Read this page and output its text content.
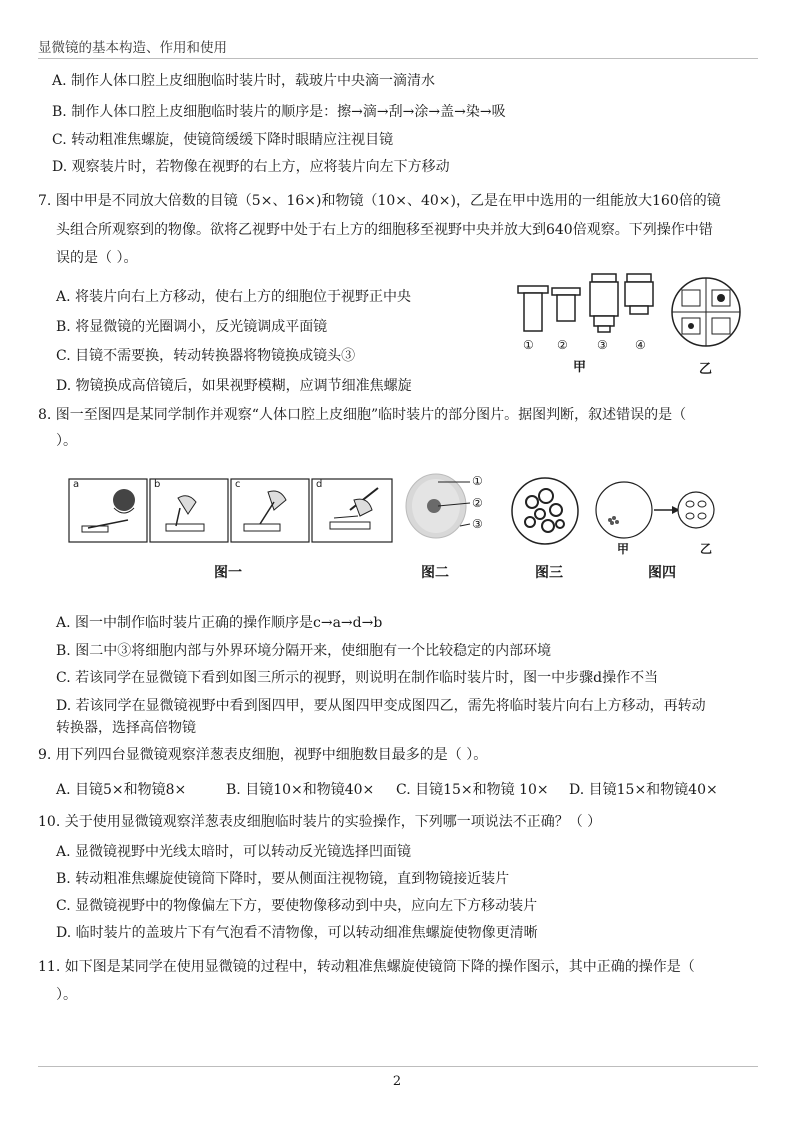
显微镜的基本构造、作用和使用
A. 制作人体口腔上皮细胞临时装片时，载玻片中央滴一滴清水
B. 制作人体口腔上皮细胞临时装片的顺序是：擦→滴→刮→涂→盖→染→吸
C. 转动粗准焦螺旋，使镜筒缓缓下降时眼睛应注视目镜
D. 观察装片时，若物像在视野的右上方，应将装片向左下方移动
7. 图中甲是不同放大倍数的目镜（5×、16×)和物镜（10×、40×)，乙是在甲中选用的一组能放大160倍的镜
头组合所观察到的物像。欲将乙视野中处于右上方的细胞移至视野中央并放大到640倍观察。下列操作中错
误的是（ ）。
A. 将装片向右上方移动，使右上方的细胞位于视野正中央
B. 将显微镜的光圈调小，反光镜调成平面镜
C. 目镜不需要换，转动转换器将物镜换成镜头③
D. 物镜换成高倍镜后，如果视野模糊，应调节细准焦螺旋
① ② ③ ④
甲	乙
8. 图一至图四是某同学制作并观察“人体口腔上皮细胞”临时装片的部分图片。据图判断，叙述错误的是（
）。
a	b	c	d	①
②
③
甲	乙
图一	图二	图三	图四
A. 图一中制作临时装片正确的操作顺序是c→a→d→b
B. 图二中③将细胞内部与外界环境分隔开来，使细胞有一个比较稳定的内部环境
C. 若该同学在显微镜下看到如图三所示的视野，则说明在制作临时装片时，图一中步骤d操作不当
D. 若该同学在显微镜视野中看到图四甲，要从图四甲变成图四乙，需先将临时装片向右上方移动，再转动
转换器，选择高倍物镜
9. 用下列四台显微镜观察洋葱表皮细胞，视野中细胞数目最多的是（ ）。
A. 目镜5×和物镜8×	B. 目镜10×和物镜40× C. 目镜15×和物镜 10× D. 目镜15×和物镜40×
10. 关于使用显微镜观察洋葱表皮细胞临时装片的实验操作，下列哪一项说法不正确？（ ）
A. 显微镜视野中光线太暗时，可以转动反光镜选择凹面镜
B. 转动粗准焦螺旋使镜筒下降时，要从侧面注视物镜，直到物镜接近装片
C. 显微镜视野中的物像偏左下方，要使物像移动到中央，应向左下方移动装片
D. 临时装片的盖玻片下有气泡看不清物像，可以转动细准焦螺旋使物像更清晰
11. 如下图是某同学在使用显微镜的过程中，转动粗准焦螺旋使镜筒下降的操作图示，其中正确的操作是（
）。
2
